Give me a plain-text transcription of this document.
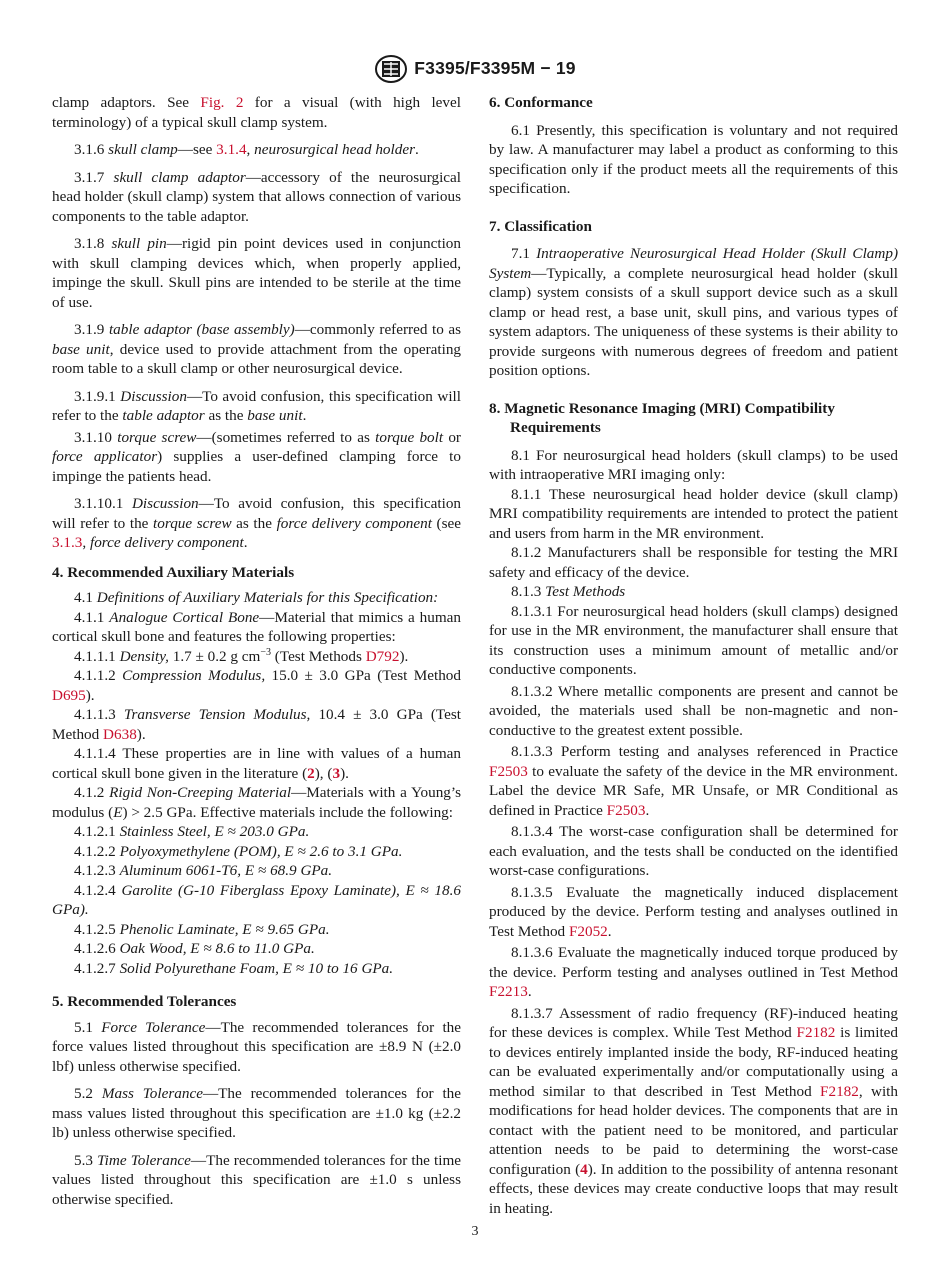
F3395/F3395M − 19

clamp adaptors. See Fig. 2 for a visual (with high level terminology) of a typical skull clamp system.

3.1.6 skull clamp—see 3.1.4, neurosurgical head holder.

3.1.7 skull clamp adaptor—accessory of the neurosurgical head holder (skull clamp) system that allows connection of various components to the table adaptor.

3.1.8 skull pin—rigid pin point devices used in conjunction with skull clamping devices which, when properly applied, impinge the skull. Skull pins are intended to be sterile at the time of use.

3.1.9 table adaptor (base assembly)—commonly referred to as base unit, device used to provide attachment from the operating room table to a skull clamp or other neurosurgical device.

3.1.9.1 Discussion—To avoid confusion, this specification will refer to the table adaptor as the base unit.

3.1.10 torque screw—(sometimes referred to as torque bolt or force applicator) supplies a user-defined clamping force to impinge the patients head.

3.1.10.1 Discussion—To avoid confusion, this specification will refer to the torque screw as the force delivery component (see 3.1.3, force delivery component.

4. Recommended Auxiliary Materials

4.1 Definitions of Auxiliary Materials for this Specification:

4.1.1 Analogue Cortical Bone—Material that mimics a human cortical skull bone and features the following properties:

4.1.1.1 Density, 1.7 ± 0.2 g $cm^{-3}$ (Test Methods D792).

4.1.1.2 Compression Modulus, 15.0 ± 3.0 GPa (Test Method D695).

4.1.1.3 Transverse Tension Modulus, 10.4 ± 3.0 GPa (Test Method D638).

4.1.1.4 These properties are in line with values of a human cortical skull bone given in the literature (2), (3).

4.1.2 Rigid Non-Creeping Material—Materials with a Young’s modulus (E) > 2.5 GPa. Effective materials include the following:

4.1.2.1 Stainless Steel, E ≈ 203.0 GPa.

4.1.2.2 Polyoxymethylene (POM), E ≈ 2.6 to 3.1 GPa.

4.1.2.3 Aluminum 6061-T6, E ≈ 68.9 GPa.

4.1.2.4 Garolite (G-10 Fiberglass Epoxy Laminate), E ≈ 18.6 GPa).

4.1.2.5 Phenolic Laminate, E ≈ 9.65 GPa.

4.1.2.6 Oak Wood, E ≈ 8.6 to 11.0 GPa.

4.1.2.7 Solid Polyurethane Foam, E ≈ 10 to 16 GPa.

5. Recommended Tolerances

5.1 Force Tolerance—The recommended tolerances for the force values listed throughout this specification are ±8.9 N (±2.0 lbf) unless otherwise specified.

5.2 Mass Tolerance—The recommended tolerances for the mass values listed throughout this specification are ±1.0 kg (±2.2 lb) unless otherwise specified.

5.3 Time Tolerance—The recommended tolerances for the time values listed throughout this specification are ±1.0 s unless otherwise specified.

6. Conformance

6.1 Presently, this specification is voluntary and not required by law. A manufacturer may label a product as conforming to this specification only if the product meets all the requirements of this specification.

7. Classification

7.1 Intraoperative Neurosurgical Head Holder (Skull Clamp) System—Typically, a complete neurosurgical head holder (skull clamp) system consists of a skull support device such as a skull clamp or head rest, a base unit, skull pins, and various types of system adaptors. The uniqueness of these systems is their ability to provide surgeons with numerous degrees of freedom and patient position options.

8. Magnetic Resonance Imaging (MRI) Compatibility Requirements

8.1 For neurosurgical head holders (skull clamps) to be used with intraoperative MRI imaging only:

8.1.1 These neurosurgical head holder device (skull clamp) MRI compatibility requirements are intended to protect the patient and users from harm in the MR environment.

8.1.2 Manufacturers shall be responsible for testing the MRI safety and efficacy of the device.

8.1.3 Test Methods

8.1.3.1 For neurosurgical head holders (skull clamps) designed for use in the MR environment, the manufacturer shall ensure that its construction uses a minimum amount of metallic and/or conductive components.

8.1.3.2 Where metallic components are present and cannot be avoided, the materials used shall be non-magnetic and non-conductive to the greatest extent possible.

8.1.3.3 Perform testing and analyses referenced in Practice F2503 to evaluate the safety of the device in the MR environment. Label the device MR Safe, MR Unsafe, or MR Conditional as defined in Practice F2503.

8.1.3.4 The worst-case configuration shall be determined for each evaluation, and the tests shall be conducted on the identified worst-case configurations.

8.1.3.5 Evaluate the magnetically induced displacement produced by the device. Perform testing and analyses outlined in Test Method F2052.

8.1.3.6 Evaluate the magnetically induced torque produced by the device. Perform testing and analyses outlined in Test Method F2213.

8.1.3.7 Assessment of radio frequency (RF)-induced heating for these devices is complex. While Test Method F2182 is limited to devices entirely implanted inside the body, RF-induced heating can be evaluated experimentally and/or computationally using a method similar to that described in Test Method F2182, with modifications for head holder devices. The components that are in contact with the patient need to be monitored, and particular attention needs to be paid to determining the worst-case configuration (4). In addition to the possibility of antenna resonant effects, these devices may create conductive loops that may result in heating.

3
